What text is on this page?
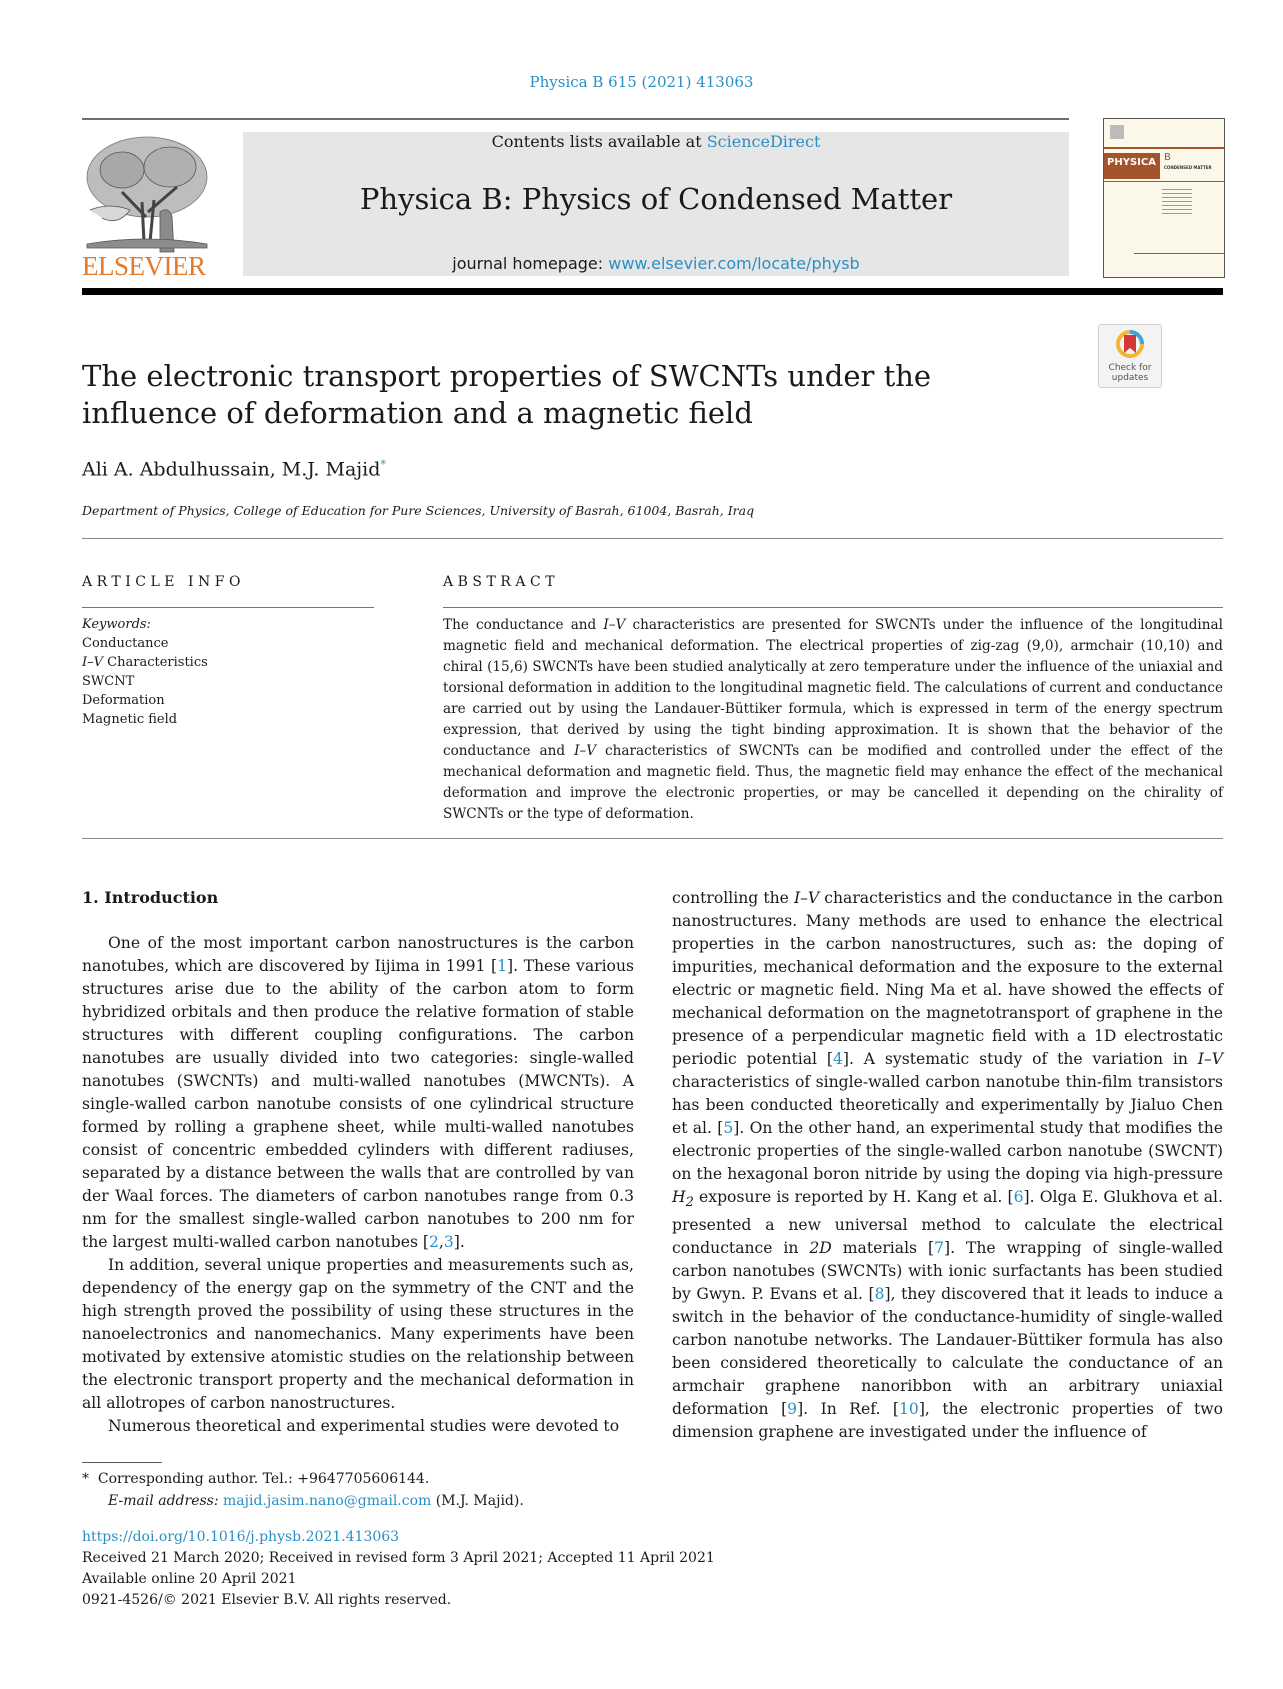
Physica B 615 (2021) 413063
ELSEVIER
Contents lists available at ScienceDirect
Physica B: Physics of Condensed Matter
journal homepage: www.elsevier.com/locate/physb
PHYSICA B
CONDENSED MATTER
The electronic transport properties of SWCNTs under the influence of deformation and a magnetic field
Check for
updates
Ali A. Abdulhussain, M.J. Majid*
Department of Physics, College of Education for Pure Sciences, University of Basrah, 61004, Basrah, Iraq
ARTICLE INFO	ABSTRACT
Keywords:
Conductance
I–V Characteristics
SWCNT
Deformation
Magnetic field
The conductance and I–V characteristics are presented for SWCNTs under the influence of the longitudinal magnetic field and mechanical deformation. The electrical properties of zig-zag (9,0), armchair (10,10) and chiral (15,6) SWCNTs have been studied analytically at zero temperature under the influence of the uniaxial and torsional deformation in addition to the longitudinal magnetic field. The calculations of current and conductance are carried out by using the Landauer-Büttiker formula, which is expressed in term of the energy spectrum expression, that derived by using the tight binding approximation. It is shown that the behavior of the conductance and I–V characteristics of SWCNTs can be modified and controlled under the effect of the mechanical deformation and magnetic field. Thus, the magnetic field may enhance the effect of the mechanical deformation and improve the electronic properties, or may be cancelled it depending on the chirality of SWCNTs or the type of deformation.
1. Introduction

One of the most important carbon nanostructures is the carbon nanotubes, which are discovered by Iijima in 1991 [1]. These various structures arise due to the ability of the carbon atom to form hybridized orbitals and then produce the relative formation of stable structures with different coupling configurations. The carbon nanotubes are usually divided into two categories: single-walled nanotubes (SWCNTs) and multi-walled nanotubes (MWCNTs). A single-walled carbon nanotube consists of one cylindrical structure formed by rolling a graphene sheet, while multi-walled nanotubes consist of concentric embedded cylinders with different radiuses, separated by a distance between the walls that are controlled by van der Waal forces. The diameters of carbon nanotubes range from 0.3 nm for the smallest single-walled carbon nanotubes to 200 nm for the largest multi-walled carbon nanotubes [2,3].

In addition, several unique properties and measurements such as, dependency of the energy gap on the symmetry of the CNT and the high strength proved the possibility of using these structures in the nanoelectronics and nanomechanics. Many experiments have been motivated by extensive atomistic studies on the relationship between the electronic transport property and the mechanical deformation in all allotropes of carbon nanostructures.

Numerous theoretical and experimental studies were devoted to

controlling the I–V characteristics and the conductance in the carbon nanostructures. Many methods are used to enhance the electrical properties in the carbon nanostructures, such as: the doping of impurities, mechanical deformation and the exposure to the external electric or magnetic field. Ning Ma et al. have showed the effects of mechanical deformation on the magnetotransport of graphene in the presence of a perpendicular magnetic field with a 1D electrostatic periodic potential [4]. A systematic study of the variation in I–V characteristics of single-walled carbon nanotube thin-film transistors has been conducted theoretically and experimentally by Jialuo Chen et al. [5]. On the other hand, an experimental study that modifies the electronic properties of the single-walled carbon nanotube (SWCNT) on the hexagonal boron nitride by using the doping via high-pressure $H_2$ exposure is reported by H. Kang et al. [6]. Olga E. Glukhova et al. presented a new universal method to calculate the electrical conductance in 2D materials [7]. The wrapping of single-walled carbon nanotubes (SWCNTs) with ionic surfactants has been studied by Gwyn. P. Evans et al. [8], they discovered that it leads to induce a switch in the behavior of the conductance-humidity of single-walled carbon nanotube networks. The Landauer-Büttiker formula has also been considered theoretically to calculate the conductance of an armchair graphene nanoribbon with an arbitrary uniaxial deformation [9]. In Ref. [10], the electronic properties of two dimension graphene are investigated under the influence of

* Corresponding author. Tel.: +9647705606144.
E-mail address: majid.jasim.nano@gmail.com (M.J. Majid).
https://doi.org/10.1016/j.physb.2021.413063
Received 21 March 2020; Received in revised form 3 April 2021; Accepted 11 April 2021
Available online 20 April 2021
0921-4526/© 2021 Elsevier B.V. All rights reserved.
